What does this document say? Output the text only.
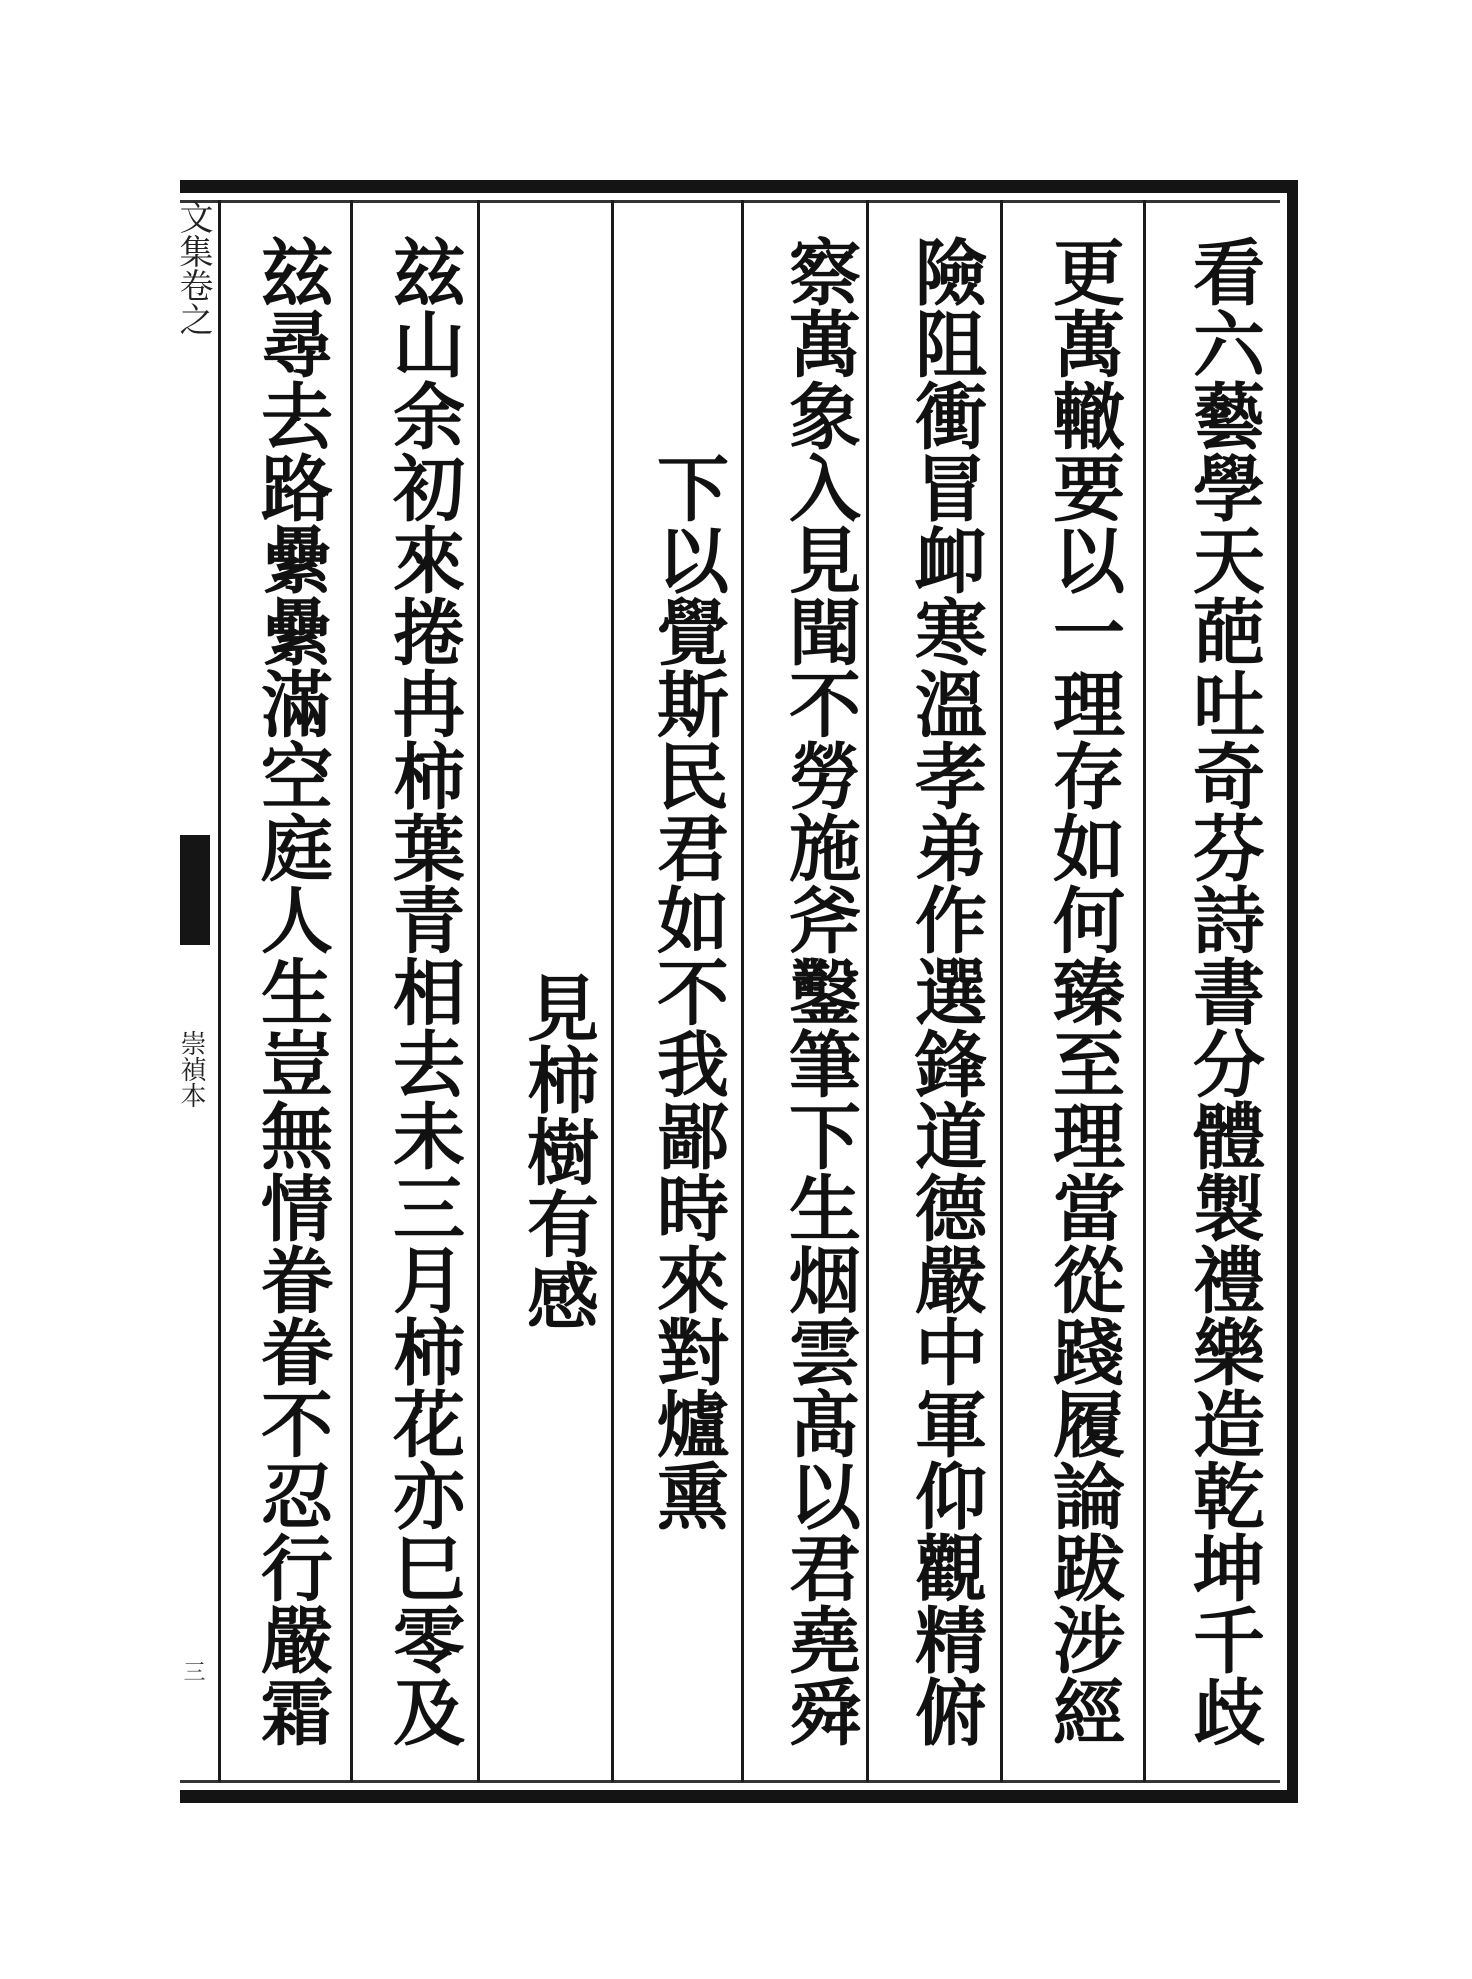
看六藝學天葩吐奇芬詩書分體製禮樂造乾坤千歧
更萬轍要以一理存如何臻至理當從踐履論跋涉經
險阻衝冒卹寒溫孝弟作選鋒道德嚴中軍仰觀精俯
察萬象入見聞不勞施斧鑿筆下生烟雲髙以君堯舜
下以覺斯民君如不我鄙時來對爐熏
見柿樹有感
玆山余初來捲冉柿葉青相去未三月柿花亦巳零及
玆尋去路纍纍滿空庭人生豈無情眷眷不忍行嚴霜
文集卷之
崇禎本
三
